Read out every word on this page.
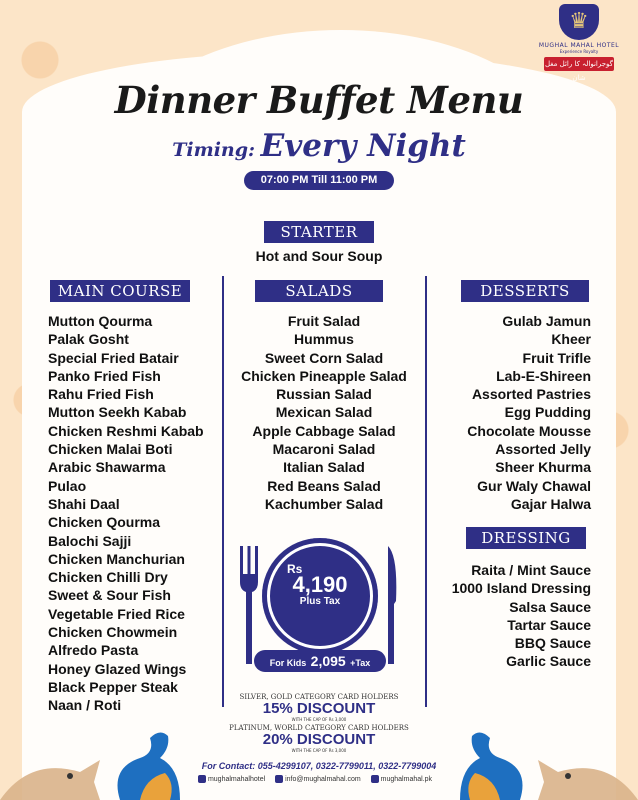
♛
MUGHAL MAHAL HOTEL
Experience Royalty
گوجرانوالہ کا رائل مغل شان
Dinner Buffet Menu
Timing: Every Night
07:00 PM Till 11:00 PM
STARTER
Hot and Sour Soup
MAIN COURSE	SALADS	DESSERTS
Mutton Qourma
Palak Gosht
Special Fried Batair
Panko Fried Fish
Rahu Fried Fish
Mutton Seekh Kabab
Chicken Reshmi Kabab
Chicken Malai Boti
Arabic Shawarma
Pulao
Shahi Daal
Chicken Qourma
Balochi Sajji
Chicken Manchurian
Chicken Chilli Dry
Sweet & Sour Fish
Vegetable Fried Rice
Chicken Chowmein
Alfredo Pasta
Honey Glazed Wings
Black Pepper Steak
Naan / Roti
Fruit Salad
Hummus
Sweet Corn Salad
Chicken Pineapple Salad
Russian Salad
Mexican Salad
Apple Cabbage Salad
Macaroni Salad
Italian Salad
Red Beans Salad
Kachumber Salad
Gulab Jamun
Kheer
Fruit Trifle
Lab-E-Shireen
Assorted Pastries
Egg Pudding
Chocolate Mousse
Assorted Jelly
Sheer Khurma
Gur Waly Chawal
Gajar Halwa
DRESSING
Raita / Mint Sauce
1000 Island Dressing
Salsa Sauce
Tartar Sauce
BBQ Sauce
Garlic Sauce
Rs
4,190
Plus Tax
For Kids 2,095 +Tax
SILVER, GOLD CATEGORY CARD HOLDERS
15% DISCOUNT
WITH THE CAP OF Rs 3,000
PLATINUM, WORLD CATEGORY CARD HOLDERS
20% DISCOUNT
WITH THE CAP OF Rs 3,000
For Contact: 055-4299107, 0322-7799011, 0322-7799004
mughalmahalhotel	info@mughalmahal.com	mughalmahal.pk
